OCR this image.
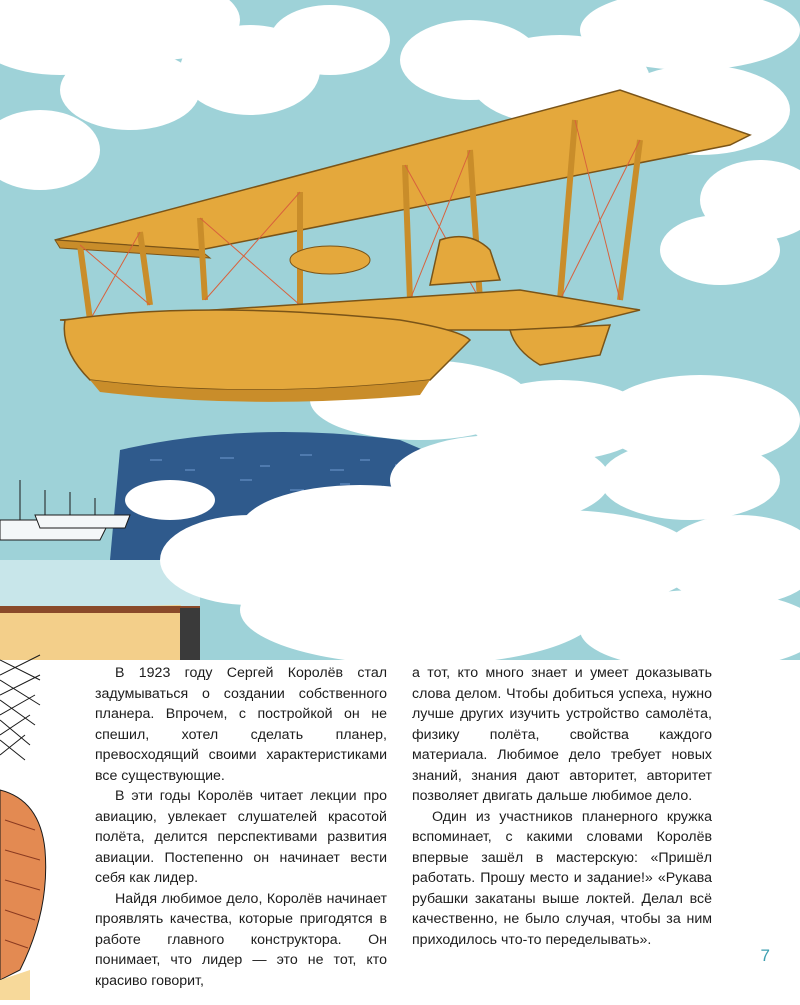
В 1923 году Сергей Королёв стал задумываться о создании собственного планера. Впрочем, с постройкой он не спешил, хотел сделать планер, превосходящий своими характеристиками все существующие.

В эти годы Королёв читает лекции про авиацию, увлекает слушателей красотой полёта, делится перспективами развития авиации. Постепенно он начинает вести себя как лидер.

Найдя любимое дело, Королёв начинает проявлять качества, которые пригодятся в работе главного конструктора. Он понимает, что лидер — это не тот, кто красиво говорит,

а тот, кто много знает и умеет доказывать слова делом. Чтобы добиться успеха, нужно лучше других изучить устройство самолёта, физику полёта, свойства каждого материала. Любимое дело требует новых знаний, знания дают авторитет, авторитет позволяет двигать дальше любимое дело.

Один из участников планерного кружка вспоминает, с какими словами Королёв впервые зашёл в мастерскую: «Пришёл работать. Прошу место и задание!» «Рукава рубашки закатаны выше локтей. Делал всё качественно, не было случая, чтобы за ним приходилось что-то переделывать».

7
